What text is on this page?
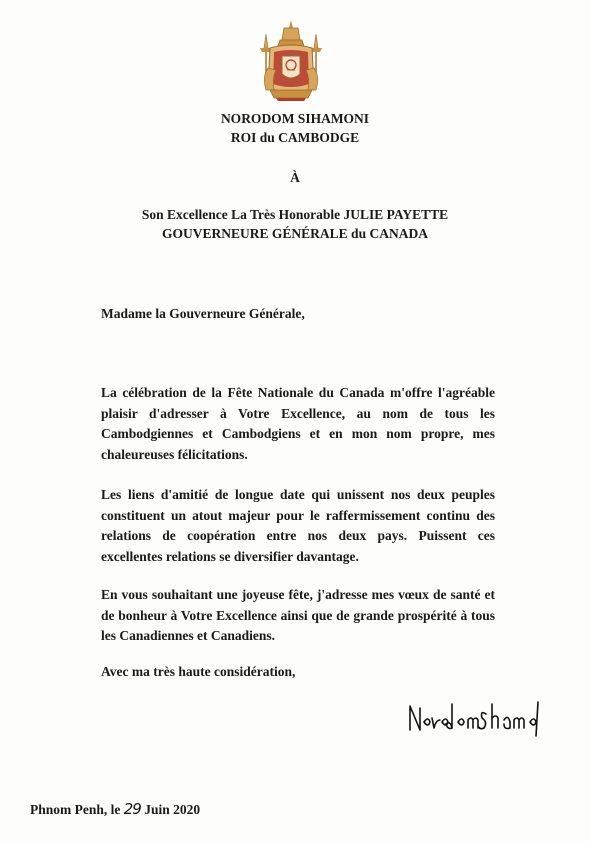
NORODOM SIHAMONI
ROI du CAMBODGE
À
Son Excellence La Très Honorable JULIE PAYETTE
GOUVERNEURE GÉNÉRALE du CANADA
Madame la Gouverneure Générale,

La célébration de la Fête Nationale du Canada m'offre l'agréable plaisir d'adresser à Votre Excellence, au nom de tous les Cambodgiennes et Cambodgiens et en mon nom propre, mes chaleureuses félicitations.

Les liens d'amitié de longue date qui unissent nos deux peuples constituent un atout majeur pour le raffermissement continu des relations de coopération entre nos deux pays. Puissent ces excellentes relations se diversifier davantage.

En vous souhaitant une joyeuse fête, j'adresse mes vœux de santé et de bonheur à Votre Excellence ainsi que de grande prospérité à tous les Canadiennes et Canadiens.

Avec ma très haute considération,
Phnom Penh, le 29 Juin 2020
